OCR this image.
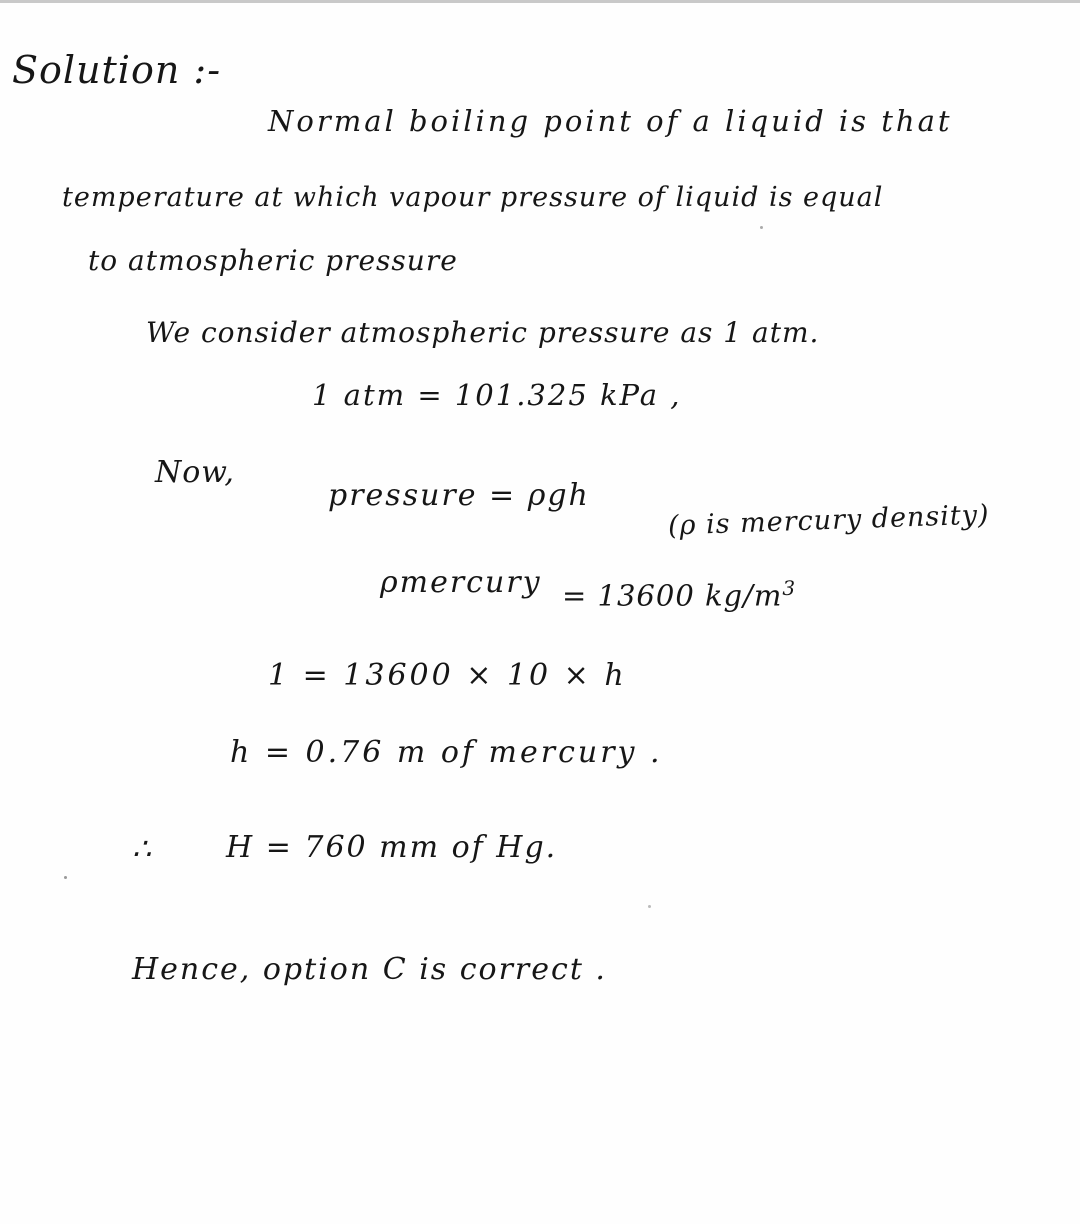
Solution :-
Normal boiling point of a liquid is that
temperature at which vapour pressure of liquid is equal
to atmospheric pressure
We consider atmospheric pressure as 1 atm.
1 atm = 101.325 kPa ,
Now,
pressure = ρgh
(ρ is mercury density)
ρmercury = 13600 $kg/m^3$
1 = 13600 × 10 × h
h = 0.76 m of mercury .
∴ H = 760 mm of Hg.
Hence, option C is correct .
